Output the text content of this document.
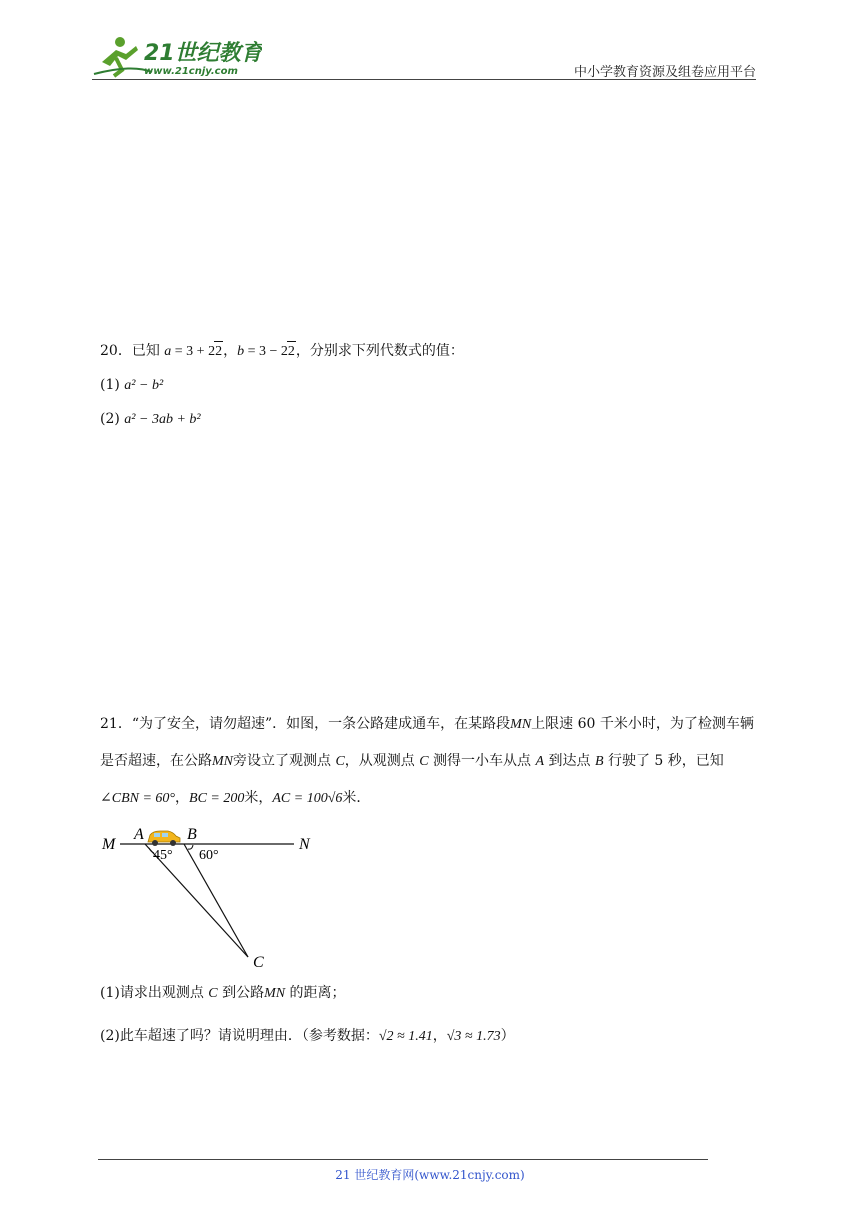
21世纪教育
www.21cnjy.com	中小学教育资源及组卷应用平台
20．已知 a = 3 + 22，b = 3 − 22，分别求下列代数式的值：
(1) a² − b²
(2) a² − 3ab + b²
21．“为了安全，请勿超速”．如图，一条公路建成通车，在某路段MN上限速 60 千米小时，为了检测车辆是否超速，在公路MN旁设立了观测点 C，从观测点 C 测得一小车从点 A 到达点 B 行驶了 5 秒，已知 ∠CBN = 60°，BC = 200米，AC = 100√6米．
M
A	B
N
C
45° 60°
(1)请求出观测点 C 到公路MN 的距离；
(2)此车超速了吗？请说明理由．（参考数据：√2 ≈ 1.41，√3 ≈ 1.73）
21 世纪教育网(www.21cnjy.com)
